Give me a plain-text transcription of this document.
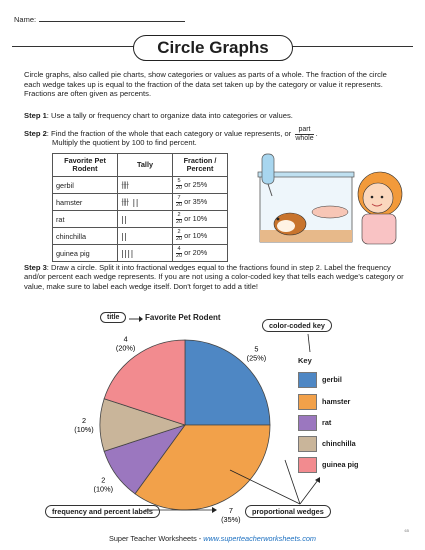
Name:
Circle Graphs
Circle graphs, also called pie charts, show categories or values as parts of a whole. The fraction of the circle each wedge takes up is equal to the fraction of the data set taken up by the category or value it represents. Fractions are often given as percents.
Step 1: Use a tally or frequency chart to organize data into categories or values.
Step 2: Find the fraction of the whole that each category or value represents, or $\frac{\text{part}}{\text{whole}}$ .
Multiply the quotient by 100 to find percent.
Favorite Pet Rodent	Tally	Fraction / Percent
gerbil	卌	$\frac{5}{20}$ or 25%
hamster	卌 ||	$\frac{7}{20}$ or 35%
rat	||	$\frac{2}{20}$ or 10%
chinchilla	||	$\frac{2}{20}$ or 10%
guinea pig	||||	$\frac{4}{20}$ or 20%
Step 3: Draw a circle. Split it into fractional wedges equal to the fractions found in step 2. Label the frequency and/or percent each wedge represents. If you are not using a color-coded key that tells each wedge's category or value, make sure to label each wedge itself. Don't forget to add a title!
title	Favorite Pet Rodent
color-coded key
5
(25%)
7
(35%)
2
(10%)
2
(10%)
4
(20%)
Key
gerbil
hamster
rat
chinchilla
guinea pig
frequency and percent labels	proportional wedges
Super Teacher Worksheets - www.superteacherworksheets.com
65
